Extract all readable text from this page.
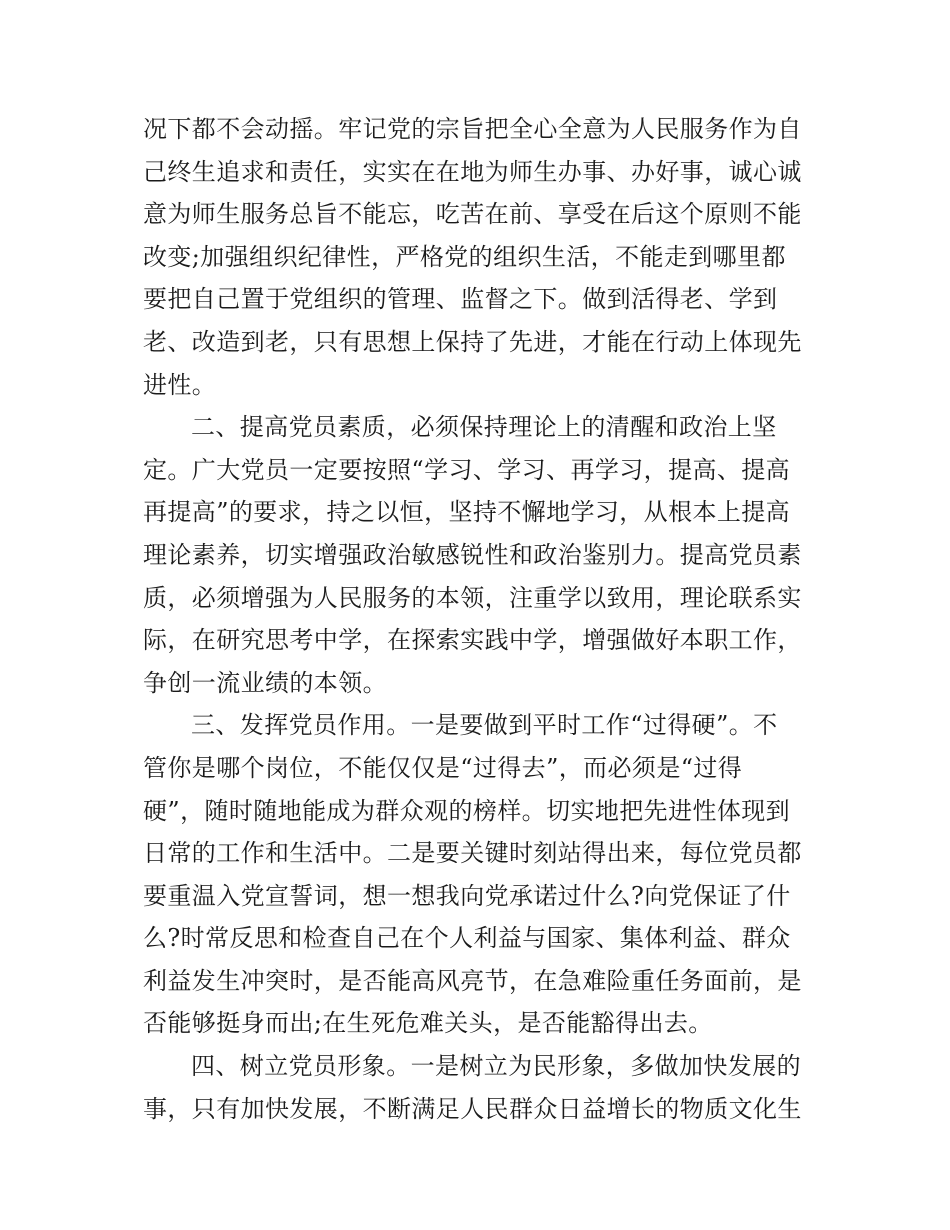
况下都不会动摇。牢记党的宗旨把全心全意为人民服务作为自
己终生追求和责任，实实在在地为师生办事、办好事，诚心诚
意为师生服务总旨不能忘，吃苦在前、享受在后这个原则不能
改变;加强组织纪律性，严格党的组织生活，不能走到哪里都
要把自己置于党组织的管理、监督之下。做到活得老、学到
老、改造到老，只有思想上保持了先进，才能在行动上体现先
进性。
二、提高党员素质，必须保持理论上的清醒和政治上坚
定。广大党员一定要按照“学习、学习、再学习，提高、提高
再提高”的要求，持之以恒，坚持不懈地学习，从根本上提高
理论素养，切实增强政治敏感锐性和政治鉴别力。提高党员素
质，必须增强为人民服务的本领，注重学以致用，理论联系实
际，在研究思考中学，在探索实践中学，增强做好本职工作，
争创一流业绩的本领。
三、发挥党员作用。一是要做到平时工作“过得硬”。不
管你是哪个岗位，不能仅仅是“过得去”，而必须是“过得
硬”，随时随地能成为群众观的榜样。切实地把先进性体现到
日常的工作和生活中。二是要关键时刻站得出来，每位党员都
要重温入党宣誓词，想一想我向党承诺过什么?向党保证了什
么?时常反思和检查自己在个人利益与国家、集体利益、群众
利益发生冲突时，是否能高风亮节，在急难险重任务面前，是
否能够挺身而出;在生死危难关头，是否能豁得出去。
四、树立党员形象。一是树立为民形象，多做加快发展的
事，只有加快发展，不断满足人民群众日益增长的物质文化生
